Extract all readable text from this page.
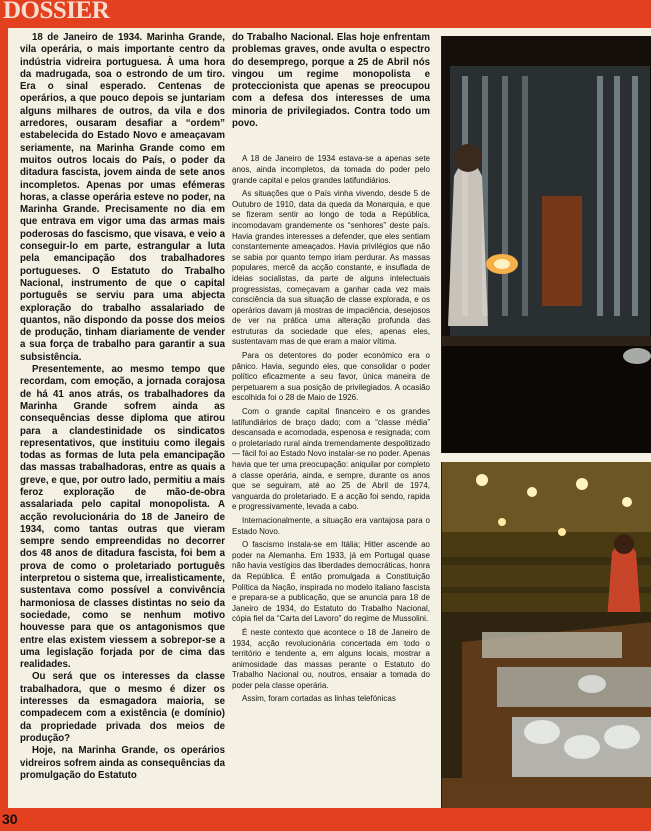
DOSSIER

18 de Janeiro de 1934. Marinha Grande, vila operária, o mais importante centro da indústria vidreira portuguesa. À uma hora da madrugada, soa o estrondo de um tiro. Era o sinal esperado. Centenas de operários, a que pouco depois se juntariam alguns milhares de outros, da vila e dos arredores, ousaram desafiar a “ordem” estabelecida do Estado Novo e ameaçavam seriamente, na Marinha Grande como em muitos outros locais do País, o poder da ditadura fascista, jovem ainda de sete anos incompletos. Apenas por umas efémeras horas, a classe operária esteve no poder, na Marinha Grande. Precisamente no dia em que entrava em vigor uma das armas mais poderosas do fascismo, que visava, e veio a conseguir-lo em parte, estrangular a luta pela emancipação dos trabalhadores portugueses. O Estatuto do Trabalho Nacional, instrumento de que o capital português se serviu para uma abjecta exploração do trabalho assalariado de quantos, não dispondo da posse dos meios de produção, tinham diariamente de vender a sua força de trabalho para garantir a sua subsistência.

Presentemente, ao mesmo tempo que recordam, com emoção, a jornada corajosa de há 41 anos atrás, os trabalhadores da Marinha Grande sofrem ainda as consequências desse diploma que atirou para a clandestinidade os sindicatos representativos, que instituiu como ilegais todas as formas de luta pela emancipação das massas trabalhadoras, entre as quais a greve, e que, por outro lado, permitiu a mais feroz exploração de mão-de-obra assalariada pelo capital monopolista. A acção revolucionária do 18 de Janeiro de 1934, como tantas outras que vieram sempre sendo empreendidas no decorrer dos 48 anos de ditadura fascista, foi bem a prova de como o proletariado português interpretou o sistema que, irrealisticamente, sustentava como possível a convivência harmoniosa de classes distintas no seio da sociedade, como se nenhum motivo houvesse para que os antagonismos que entre elas existem viessem a sobrepor-se a uma legislação forjada por de cima das realidades.

Ou será que os interesses da classe trabalhadora, que o mesmo é dizer os interesses da esmagadora maioria, se compadecem com a existência (e domínio) da propriedade privada dos meios de produção?

Hoje, na Marinha Grande, os operários vidreiros sofrem ainda as consequências da promulgação do Estatuto

do Trabalho Nacional. Elas hoje enfrentam problemas graves, onde avulta o espectro do desemprego, porque a 25 de Abril nós vingou um regime monopolista e proteccionista que apenas se preocupou com a defesa dos interesses de uma minoria de privilegiados. Contra todo um povo.

A 18 de Janeiro de 1934 estava-se a apenas sete anos, ainda incompletos, da tomada do poder pelo grande capital e pelos grandes latifundiários.

As situações que o País vinha vivendo, desde 5 de Outubro de 1910, data da queda da Monarquia, e que se fizeram sentir ao longo de toda a República, incomodavam grandemente os “senhores” deste país. Havia grandes interesses a defender, que eles sentiam constantemente ameaçados. Havia privilégios que não se sabia por quanto tempo iriam perdurar. As massas populares, mercê da acção constante, e insuflada de ideias socialistas, da parte de alguns intelectuais progressistas, começavam a ganhar cada vez mais consciência da sua situação de classe explorada, e os operários davam já mostras de impaciência, desejosos de ver na prática uma alteração profunda das estruturas da sociedade que eles, apenas eles, sustentavam mas de que eram a maior vítima.

Para os detentores do poder económico era o pânico. Havia, segundo eles, que consolidar o poder político eficazmente a seu favor, única maneira de perpetuarem a sua posição de privilegiados. A ocasião escolhida foi o 28 de Maio de 1926.

Com o grande capital financeiro e os grandes latifundiários de braço dado; com a “classe média” descansada e acomodada, espenosa e resignada; com o proletariado rural ainda tremendamente despolitizado — fácil foi ao Estado Novo instalar-se no poder. Apenas havia que ter uma preocupação: aniquilar por completo a classe operária, ainda, e sempre, durante os anos que se seguiram, até ao 25 de Abril de 1974, vanguarda do proletariado. E a acção foi sendo, rapida e progressivamente, levada a cabo.

Internacionalmente, a situação era vantajosa para o Estado Novo.

O fascismo instala-se em Itália; Hitler ascende ao poder na Alemanha. Em 1933, já em Portugal quase não havia vestígios das liberdades democráticas, honra da República. É então promulgada a Constituição Política da Nação, inspirada no modelo italiano fascista e prepara-se a publicação, que se anuncia para 18 de Janeiro de 1934, do Estatuto do Trabalho Nacional, cópia fiel da “Carta del Lavoro” do regime de Mussolini.

É neste contexto que acontece o 18 de Janeiro de 1934, acção revolucionária concertada em todo o território e tendente a, em alguns locais, mostrar a animosidade das massas perante o Estatuto do Trabalho Nacional ou, noutros, ensaiar a tomada do poder pela classe operária.

Assim, foram cortadas as linhas telefónicas

30
